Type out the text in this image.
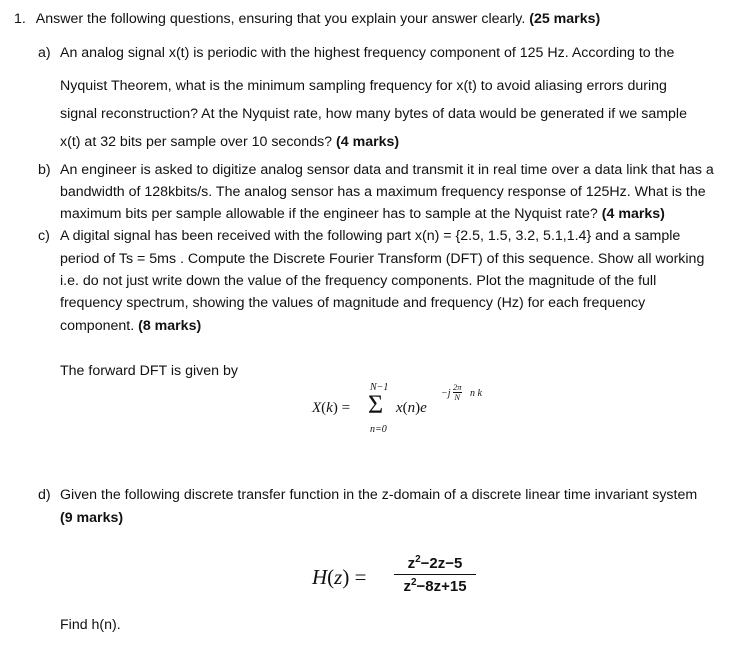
1. Answer the following questions, ensuring that you explain your answer clearly. (25 marks)
a) An analog signal x(t) is periodic with the highest frequency component of 125 Hz. According to the
Nyquist Theorem, what is the minimum sampling frequency for x(t) to avoid aliasing errors during
signal reconstruction? At the Nyquist rate, how many bytes of data would be generated if we sample
x(t) at 32 bits per sample over 10 seconds? (4 marks)
b) An engineer is asked to digitize analog sensor data and transmit it in real time over a data link that has a
bandwidth of 128kbits/s. The analog sensor has a maximum frequency response of 125Hz. What is the
maximum bits per sample allowable if the engineer has to sample at the Nyquist rate? (4 marks)
c) A digital signal has been received with the following part x(n) = {2.5, 1.5, 3.2, 5.1,1.4} and a sample
period of Ts = 5ms . Compute the Discrete Fourier Transform (DFT) of this sequence. Show all working
i.e. do not just write down the value of the frequency components. Plot the magnitude of the full
frequency spectrum, showing the values of magnitude and frequency (Hz) for each frequency
component. (8 marks)
The forward DFT is given by
X(k) =
N−1
Σ
n=0
x(n)e
−j
2π
N n k
d) Given the following discrete transfer function in the z-domain of a discrete linear time invariant system
(9 marks)
H(z) =
$z^2-2z-5$
$z^2-8z+15$
Find h(n).
